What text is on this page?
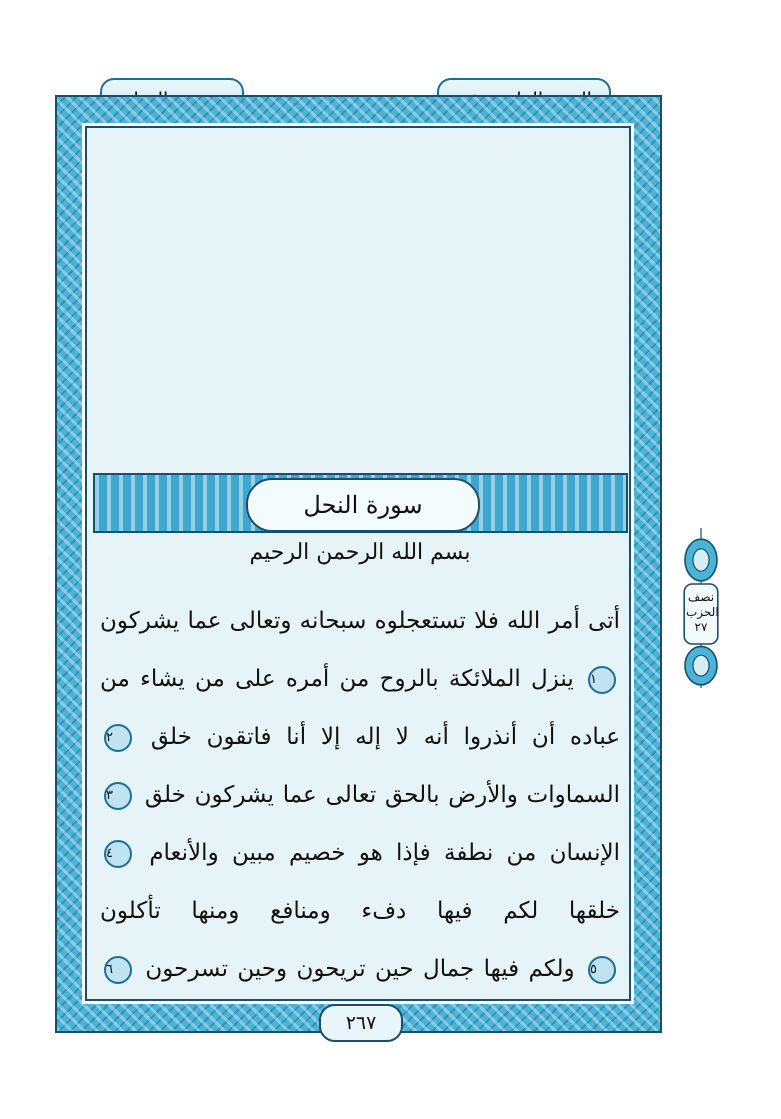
سورة النحل
بسم الله الرحمن الرحيم
أتى أمر الله فلا تستعجلوه سبحانه وتعالى عما يشركون
١ ينزل الملائكة بالروح من أمره على من يشاء من
عباده أن أنذروا أنه لا إله إلا أنا فاتقون خلق ٢
السماوات والأرض بالحق تعالى عما يشركون خلق ٣
الإنسان من نطفة فإذا هو خصيم مبين والأنعام ٤
خلقها لكم فيها دفء ومنافع ومنها تأكلون
٥ ولكم فيها جمال حين تريحون وحين تسرحون ٦
٢٦٧
نصف
الحزب
٢٧
